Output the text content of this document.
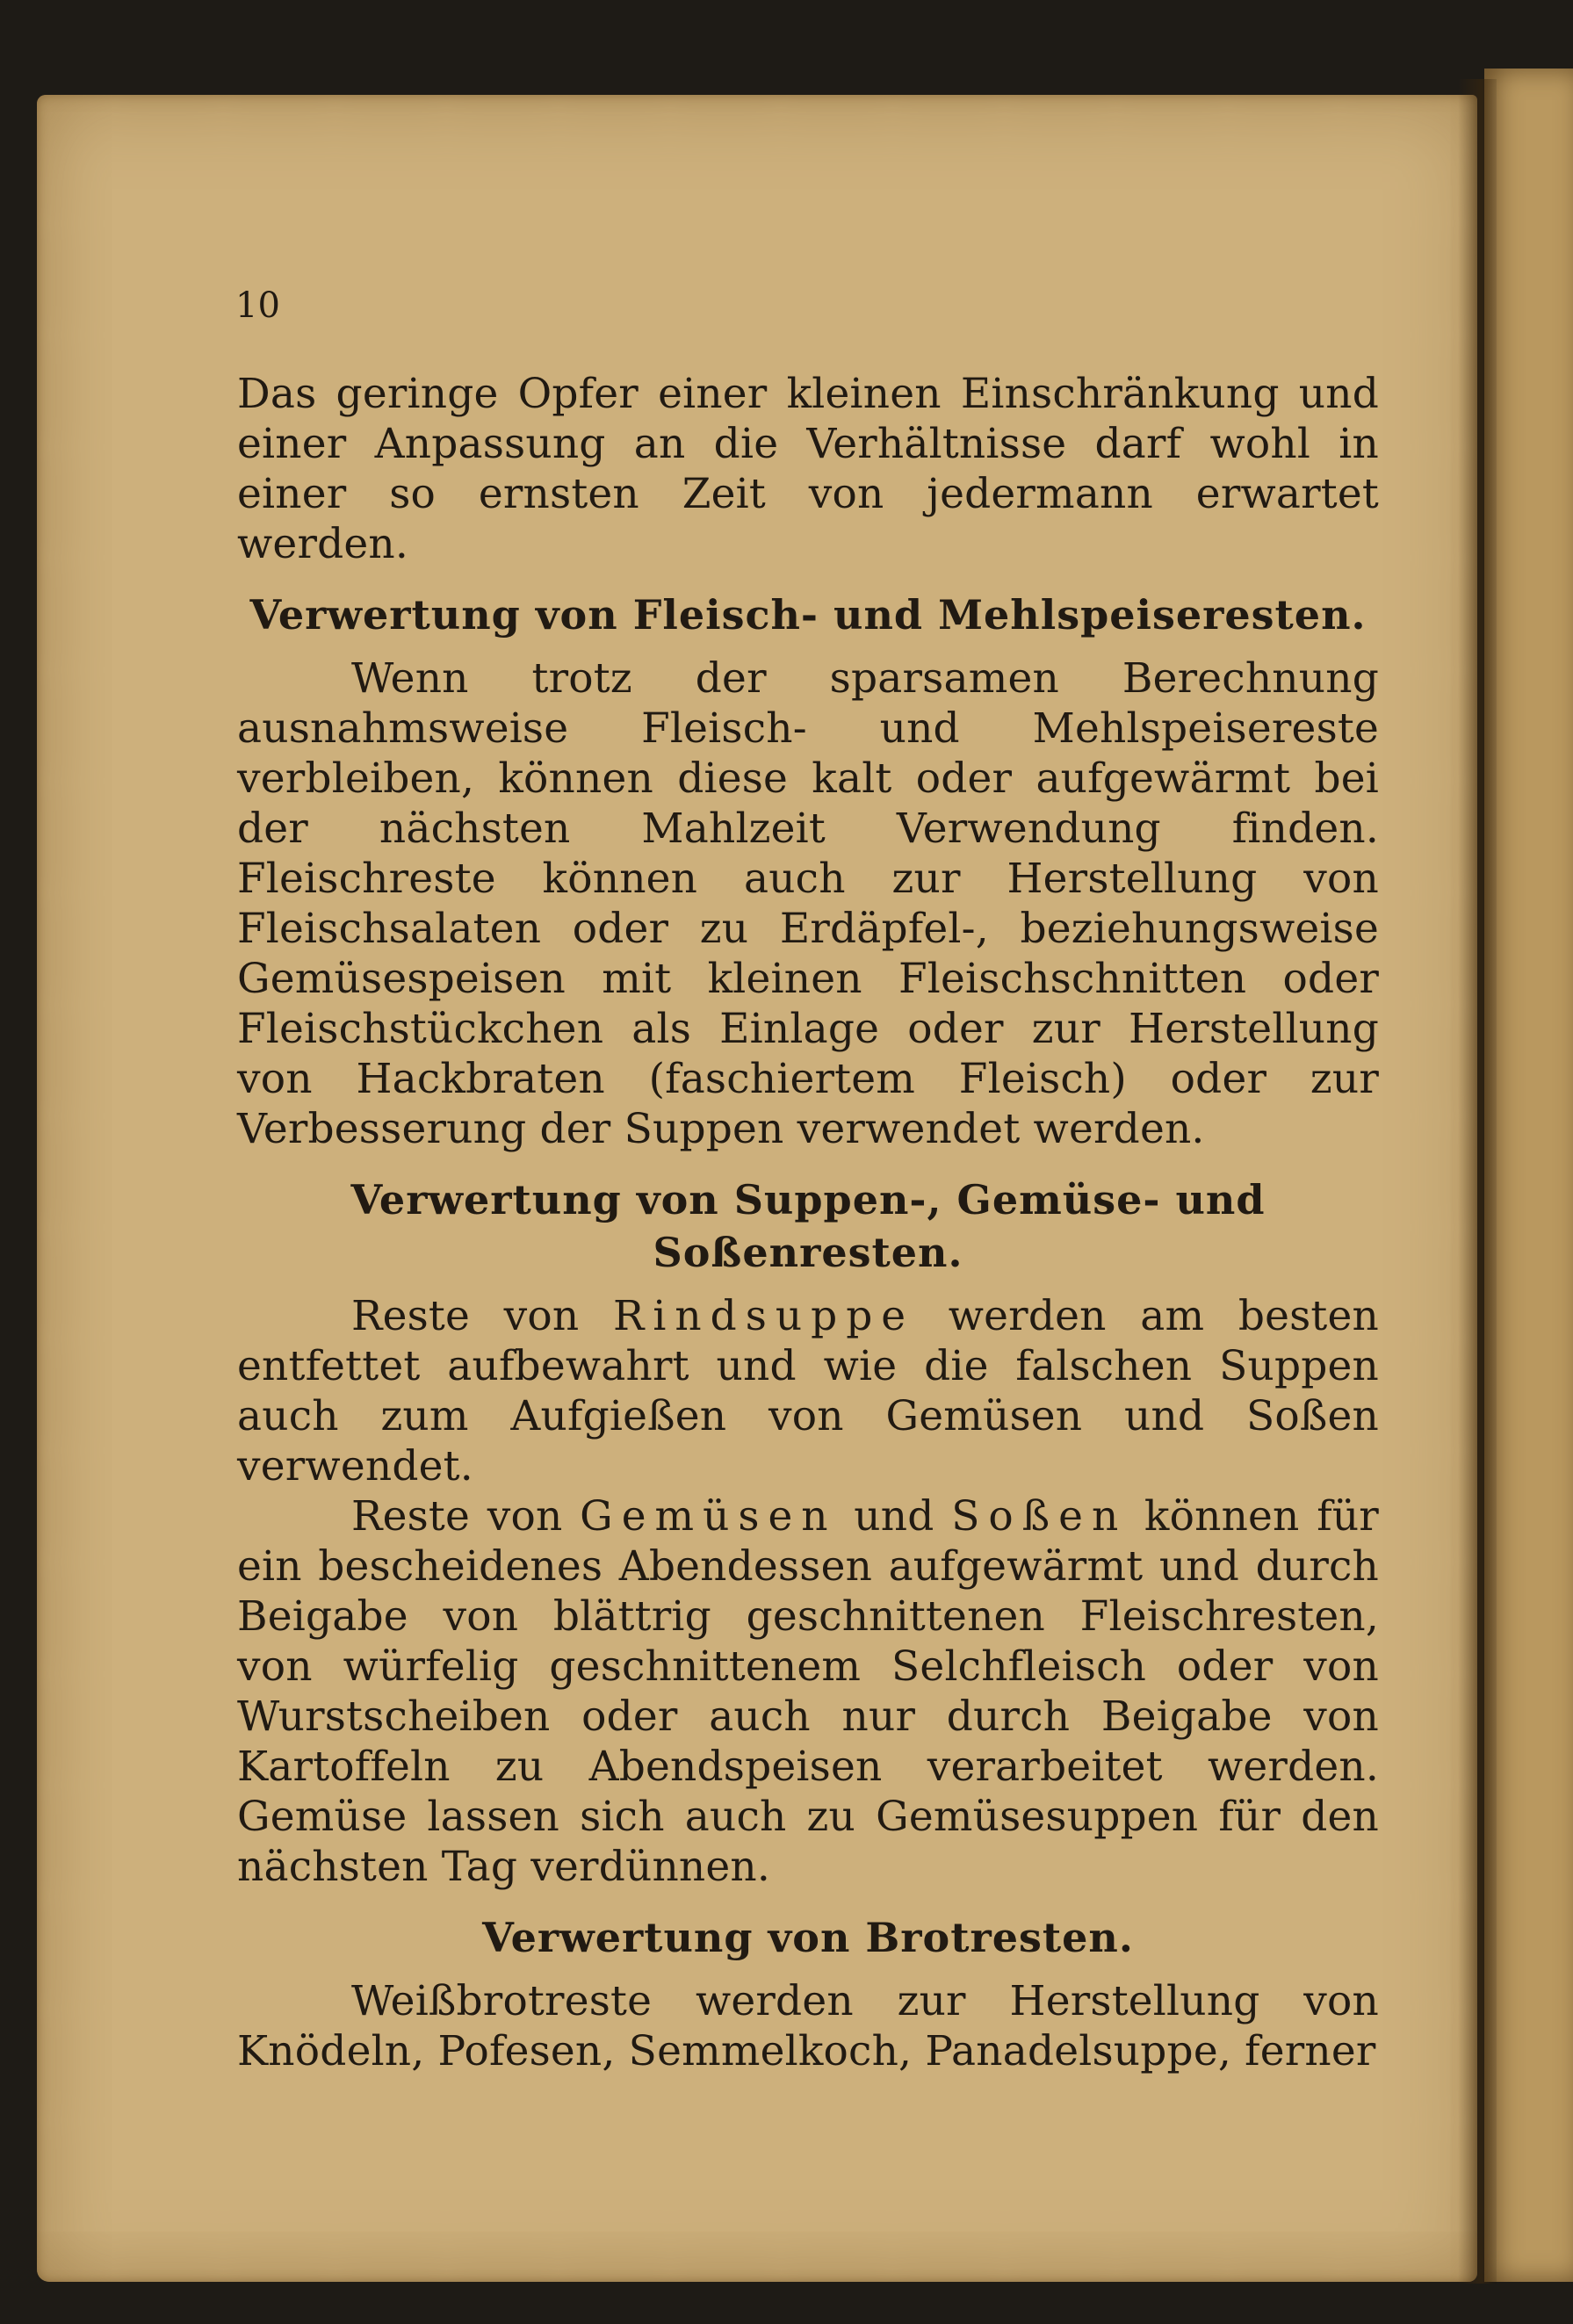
10

Das geringe Opfer einer kleinen Einschränkung und einer Anpassung an die Verhältnisse darf wohl in einer so ernsten Zeit von jedermann erwartet werden.

Verwertung von Fleisch- und Mehlspeiseresten.

Wenn trotz der sparsamen Berechnung ausnahmsweise Fleisch- und Mehlspeisereste verbleiben, können diese kalt oder aufgewärmt bei der nächsten Mahlzeit Verwendung finden. Fleischreste können auch zur Herstellung von Fleischsalaten oder zu Erdäpfel-, beziehungsweise Gemüsespeisen mit kleinen Fleischschnitten oder Fleischstückchen als Einlage oder zur Herstellung von Hackbraten (faschiertem Fleisch) oder zur Verbesserung der Suppen verwendet werden.

Verwertung von Suppen-, Gemüse- und Soßenresten.

Reste von Rindsuppe werden am besten entfettet aufbewahrt und wie die falschen Suppen auch zum Aufgießen von Gemüsen und Soßen verwendet.

Reste von Gemüsen und Soßen können für ein bescheidenes Abendessen aufgewärmt und durch Beigabe von blättrig geschnittenen Fleischresten, von würfelig geschnittenem Selchfleisch oder von Wurstscheiben oder auch nur durch Beigabe von Kartoffeln zu Abendspeisen verarbeitet werden. Gemüse lassen sich auch zu Gemüsesuppen für den nächsten Tag verdünnen.

Verwertung von Brotresten.

Weißbrotreste werden zur Herstellung von Knödeln, Pofesen, Semmelkoch, Panadelsuppe, ferner
